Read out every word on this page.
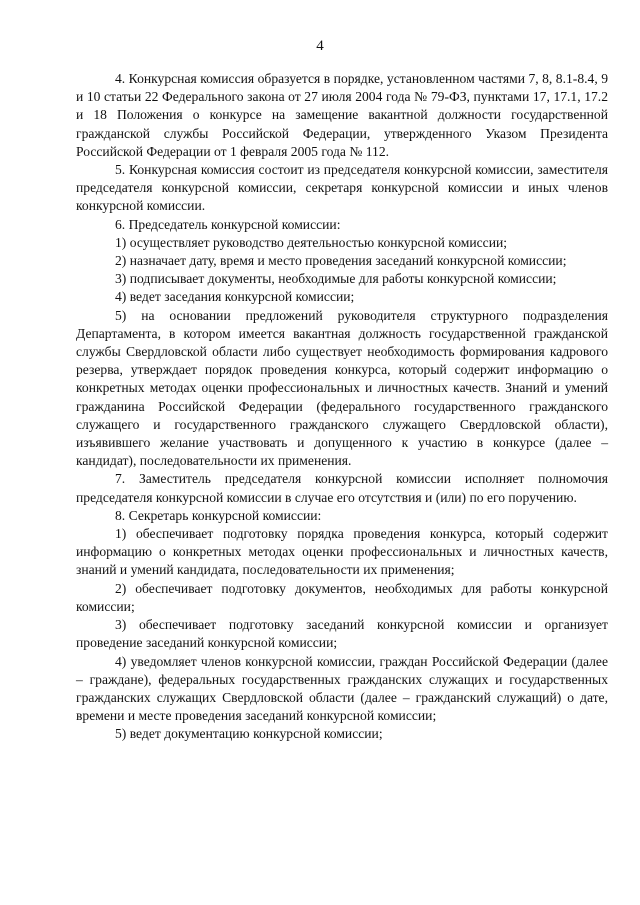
4

4. Конкурсная комиссия образуется в порядке, установленном частями 7, 8, 8.1-8.4, 9 и 10 статьи 22 Федерального закона от 27 июля 2004 года № 79-ФЗ, пунктами 17, 17.1, 17.2 и 18 Положения о конкурсе на замещение вакантной должности государственной гражданской службы Российской Федерации, утвержденного Указом Президента Российской Федерации от 1 февраля 2005 года № 112.

5. Конкурсная комиссия состоит из председателя конкурсной комиссии, заместителя председателя конкурсной комиссии, секретаря конкурсной комиссии и иных членов конкурсной комиссии.

6. Председатель конкурсной комиссии:

1) осуществляет руководство деятельностью конкурсной комиссии;

2) назначает дату, время и место проведения заседаний конкурсной комиссии;

3) подписывает документы, необходимые для работы конкурсной комиссии;

4) ведет заседания конкурсной комиссии;

5) на основании предложений руководителя структурного подразделения Департамента, в котором имеется вакантная должность государственной гражданской службы Свердловской области либо существует необходимость формирования кадрового резерва, утверждает порядок проведения конкурса, который содержит информацию о конкретных методах оценки профессиональных и личностных качеств. Знаний и умений гражданина Российской Федерации (федерального государственного гражданского служащего и государственного гражданского служащего Свердловской области), изъявившего желание участвовать и допущенного к участию в конкурсе (далее – кандидат), последовательности их применения.

7. Заместитель председателя конкурсной комиссии исполняет полномочия председателя конкурсной комиссии в случае его отсутствия и (или) по его поручению.

8. Секретарь конкурсной комиссии:

1) обеспечивает подготовку порядка проведения конкурса, который содержит информацию о конкретных методах оценки профессиональных и личностных качеств, знаний и умений кандидата, последовательности их применения;

2) обеспечивает подготовку документов, необходимых для работы конкурсной комиссии;

3) обеспечивает подготовку заседаний конкурсной комиссии и организует проведение заседаний конкурсной комиссии;

4) уведомляет членов конкурсной комиссии, граждан Российской Федерации (далее – граждане), федеральных государственных гражданских служащих и государственных гражданских служащих Свердловской области (далее – гражданский служащий) о дате, времени и месте проведения заседаний конкурсной комиссии;

5) ведет документацию конкурсной комиссии;
